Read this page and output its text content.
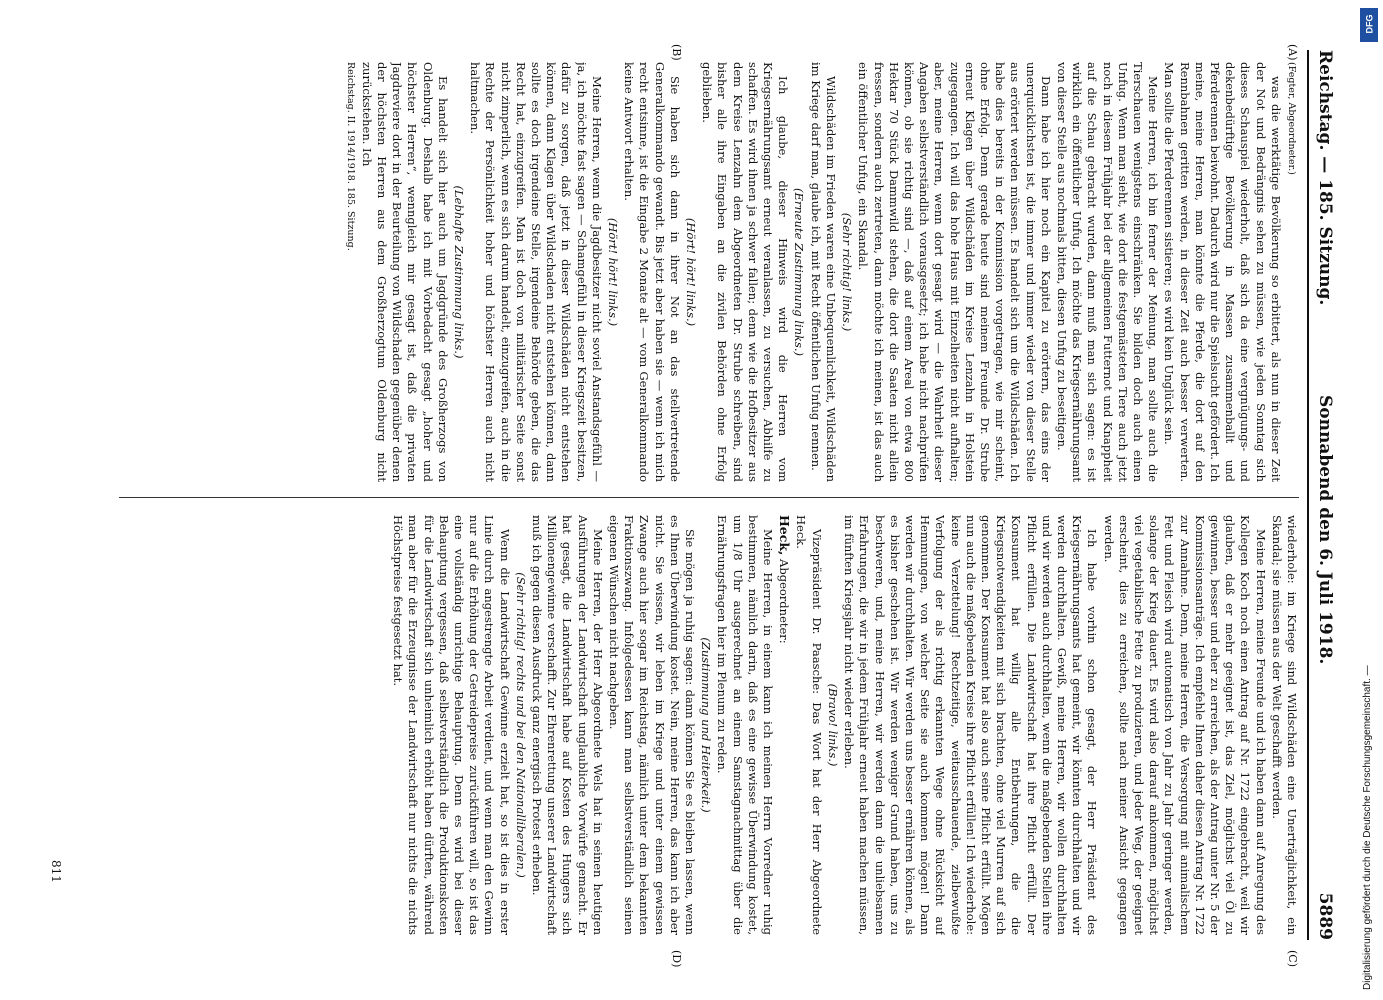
Reichstag. — 185. Sitzung.
Sonnabend den 6. Juli 1918.
5889
(A)
(B)
(C)
(D)

(Fegter, Abgeordneter.)

was die werktätige Bevölkerung so erbittert, als nun in dieser Zeit der Not und Bedrängnis sehen zu müssen, wie jeden Sonntag sich dieses Schauspiel wiederholt, daß sich da eine vergnügungs- und dekenbedürftige Bevölkerung in Massen zusammenballt und Pferderennen beiwohnt. Dadurch wird nur die Spielsucht gefördert. Ich meine, meine Herren, man könnte die Pferde, die dort auf den Rennbahnen geritten werden, in dieser Zeit auch besser verwerten. Man sollte die Pferderennen sistieren; es wird kein Unglück sein.

Meine Herren, ich bin ferner der Meinung, man sollte auch die Tierschauen wenigstens einschränken. Sie bilden doch auch einen Unfug. Wenn man sieht, wie dort die festgemästeten Tiere auch jetzt noch in diesem Frühjahr bei der allgemeinen Futternot und Knappheit auf die Schau gebracht wurden, dann muß man sich sagen: es ist wirklich ein öffentlicher Unfug. Ich möchte das Kriegsernährungsamt von dieser Stelle aus nochmals bitten, diesen Unfug zu beseitigen.

Dann habe ich hier noch ein Kapitel zu erörtern, das eins der unerquicklichsten ist, die immer und immer wieder von dieser Stelle aus erörtert werden müssen. Es handelt sich um die Wildschäden. Ich habe dies bereits in der Kommission vorgetragen, wie mir scheint, ohne Erfolg. Denn gerade heute sind meinem Freunde Dr. Strube erneut Klagen über Wildschäden im Kreise Lenzahn in Holstein zugegangen. Ich will das hohe Haus mit Einzelheiten nicht aufhalten; aber, meine Herren, wenn dort gesagt wird — die Wahrheit dieser Angaben selbstverständlich vorausgesetzt; ich habe nicht nachprüfen können, ob sie richtig sind —, daß auf einem Areal von etwa 800 Hektar 70 Stück Dammwild stehen, die dort die Saaten nicht allein fressen, sondern auch zertreten, dann möchte ich meinen, ist das auch ein öffentlicher Unfug, ein Skandal.

(Sehr richtig! links.)

Wildschäden im Frieden waren eine Unbequemlichkeit, Wildschäden im Kriege darf man, glaube ich, mit Recht öffentlichen Unfug nennen.

(Erneute Zustimmung links.)

Ich glaube, dieser Hinweis wird die Herren vom Kriegsernährungsamt erneut veranlassen, zu versuchen, Abhilfe zu schaffen. Es wird ihnen ja schwer fallen; denn wie die Hofbesitzer aus dem Kreise Lenzahn dem Abgeordneten Dr. Strube schreiben, sind bisher alle ihre Eingaben an die zivilen Behörden ohne Erfolg geblieben.

(Hört! hört! links.)

Sie haben sich dann in ihrer Not an das stellvertretende Generalkommando gewandt. Bis jetzt aber haben sie — wenn ich mich recht entsinne, ist die Eingabe 2 Monate alt — vom Generalkommando keine Antwort erhalten.

(Hört! hört! links.)

Meine Herren, wenn die Jagdbesitzer nicht soviel Anstandsgefühl — ja, ich möchte fast sagen — Schamgefühl in dieser Kriegszeit besitzen, dafür zu sorgen, daß jetzt in dieser Wildschäden nicht entstehen können, dann Klagen über Wildschaden nicht entstehen können, dann sollte es doch irgendeine Stelle, irgendeine Behörde geben, die das Recht hat, einzugreifen. Man ist doch von militärischer Seite sonst nicht zimperlich, wenn es sich darum handelt, einzugreifen, auch in die Rechte der Persönlichkeit hoher und höchster Herren auch nicht haltmachen.

(Lebhafte Zustimmung links.)

Es handelt sich hier auch um Jagdgründe des Großherzogs von Oldenburg. Deshalb habe ich mit Vorbedacht gesagt „hoher und höchster Herren“, wenngleich mir gesagt ist, daß die privaten Jagdreviere dort in der Beurteilung von Wildschaden gegenüber denen der höchsten Herren aus dem Großherzogtum Oldenburg nicht zurückstehen. Ich

Reichstag. II. 1914/1918. 185. Sitzung.

wiederhole: im Kriege sind Wildschäden eine Unerträglichkeit, ein Skandal; sie müssen aus der Welt geschafft werden.

Meine Herren, meine Freunde und ich haben dann auf Anregung des Kollegen Koch noch einen Antrag auf Nr. 1722 eingebracht, weil wir glauben, daß er mehr geeignet ist, das Ziel, möglichst viel Öl zu gewinnen, besser und eher zu erreichen, als der Antrag unter Nr. 5 der Kommissionsanträge. Ich empfehle Ihnen daher diesen Antrag Nr. 1722 zur Annahme. Denn, meine Herren, die Versorgung mit animalischem Fett und Fleisch wird automatisch von Jahr zu Jahr geringer werden, solange der Krieg dauert. Es wird also darauf ankommen, möglichst viel vegetabilische Fette zu produzieren, und jeder Weg, der geeignet erscheint, dies zu erreichen, sollte nach meiner Ansicht gegangen werden.

Ich habe vorhin schon gesagt, der Herr Präsident des Kriegsernährungsamts hat gemeint, wir könnten durchhalten und wir werden durchhalten. Gewiß, meine Herren, wir wollen durchhalten und wir werden auch durchhalten, wenn die maßgebenden Stellen ihre Pflicht erfüllen. Die Landwirtschaft hat ihre Pflicht erfüllt. Der Konsument hat willig alle Entbehrungen, die die Kriegsnotwendigkeiten mit sich brachten, ohne viel Murren auf sich genommen. Der Konsument hat also auch seine Pflicht erfüllt. Mögen nun auch die maßgebenden Kreise ihre Pflicht erfüllen! Ich wiederhole: keine Verzettelung! Rechtzeitige, weitausschauende, zielbewußte Verfolgung der als richtig erkannten Wege ohne Rücksicht auf Hemmungen, von welcher Seite sie auch kommen mögen! Dann werden wir durchhalten. Wir werden uns besser ernähren können, als es bisher geschehen ist. Wir werden weniger Grund haben, uns zu beschweren, und, meine Herren, wir werden dann die unliebsamen Erfahrungen, die wir in jedem Frühjahr erneut haben machen müssen, im fünften Kriegsjahr nicht wieder erleben.

(Bravo! links.)

Vizepräsident Dr. Paasche: Das Wort hat der Herr Abgeordnete Heck.

Heck, Abgeordneter:

Meine Herren, in einem kann ich meinen Herrn Vorredner ruhig bestimmen, nämlich darin, daß es eine gewisse Überwindung kostet, um 1/8 Uhr ausgerechnet an einem Samstagnachmittag über die Ernährungsfragen hier im Plenum zu reden.

(Zustimmung und Heiterkeit.)

Sie mögen ja ruhig sagen: dann können Sie es bleiben lassen, wenn es Ihnen Überwindung kostet. Nein, meine Herren, das kann ich aber nicht. Sie wissen, wir leben im Kriege und unter einem gewissen Zwange auch hier sogar im Reichstag, nämlich unter dem bekannten Fraktionszwang. Infolgedessen kann man selbstverständlich seinen eigenen Wünschen nicht nachgeben.

Meine Herren, der Herr Abgeordnete Wels hat in seinen heutigen Ausführungen der Landwirtschaft unglaubliche Vorwürfe gemacht. Er hat gesagt, die Landwirtschaft habe auf Kosten des Hungers sich Millionengewinne verschafft. Zur Ehrenrettung unserer Landwirtschaft muß ich gegen diesen Ausdruck ganz energisch Protest erheben.

(Sehr richtig! rechts und bei den Nationalliberalen.)

Wenn die Landwirtschaft Gewinne erzielt hat, so ist dies in erster Linie durch angestrengte Arbeit verdient, und wenn man den Gewinn nur auf die Erhöhung der Getreidepreise zurückführen will, so ist das eine vollständig unrichtige Behauptung. Denn es wird bei dieser Behauptung vergessen, daß selbstverständlich die Produktionskosten für die Landwirtschaft sich unheimlich erhöht haben dürften, während man aber für die Erzeugnisse der Landwirtschaft nur nichts die nichts Höchstpreise festgesetzt hat.

811
DFG
Digitalisierung gefördert durch die Deutsche Forschungsgemeinschaft. —
